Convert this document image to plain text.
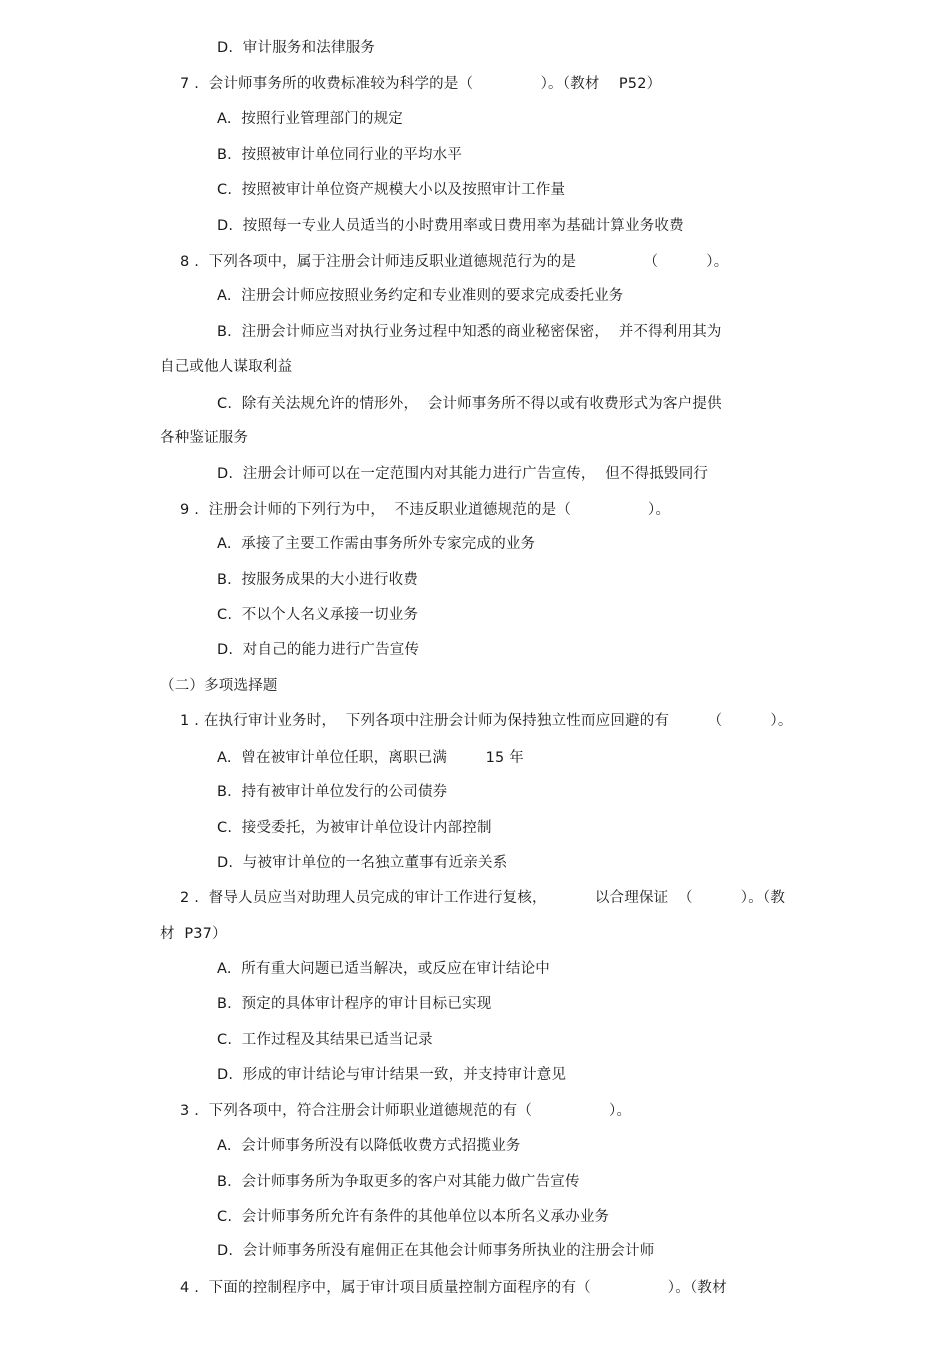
D.  审计服务和法律服务
7 .  会计师事务所的收费标准较为科学的是（              ）。（教材    P52）
A.  按照行业管理部门的规定
B.  按照被审计单位同行业的平均水平
C.  按照被审计单位资产规模大小以及按照审计工作量
D.  按照每一专业人员适当的小时费用率或日费用率为基础计算业务收费
8 .  下列各项中，属于注册会计师违反职业道德规范行为的是              （          ）。
A.  注册会计师应按照业务约定和专业准则的要求完成委托业务
B.  注册会计师应当对执行业务过程中知悉的商业秘密保密，  并不得利用其为
自己或他人谋取利益
C.  除有关法规允许的情形外，  会计师事务所不得以或有收费形式为客户提供
各种鉴证服务
D.  注册会计师可以在一定范围内对其能力进行广告宣传，  但不得抵毁同行
9 .  注册会计师的下列行为中，  不违反职业道德规范的是（                ）。
A.  承接了主要工作需由事务所外专家完成的业务
B.  按服务成果的大小进行收费
C.  不以个人名义承接一切业务
D.  对自己的能力进行广告宣传
（二）多项选择题
1 . 在执行审计业务时，  下列各项中注册会计师为保持独立性而应回避的有        （          ）。
A.  曾在被审计单位任职，离职已满        15 年
B.  持有被审计单位发行的公司债券
C.  接受委托，为被审计单位设计内部控制
D.  与被审计单位的一名独立董事有近亲关系
2 .  督导人员应当对助理人员完成的审计工作进行复核，          以合理保证  （          ）。（教
材  P37）
A.  所有重大问题已适当解决，或反应在审计结论中
B.  预定的具体审计程序的审计目标已实现
C.  工作过程及其结果已适当记录
D.  形成的审计结论与审计结果一致，并支持审计意见
3 .  下列各项中，符合注册会计师职业道德规范的有（                ）。
A.  会计师事务所没有以降低收费方式招揽业务
B.  会计师事务所为争取更多的客户对其能力做广告宣传
C.  会计师事务所允许有条件的其他单位以本所名义承办业务
D.  会计师事务所没有雇佣正在其他会计师事务所执业的注册会计师
4 .  下面的控制程序中，属于审计项目质量控制方面程序的有（                ）。（教材
